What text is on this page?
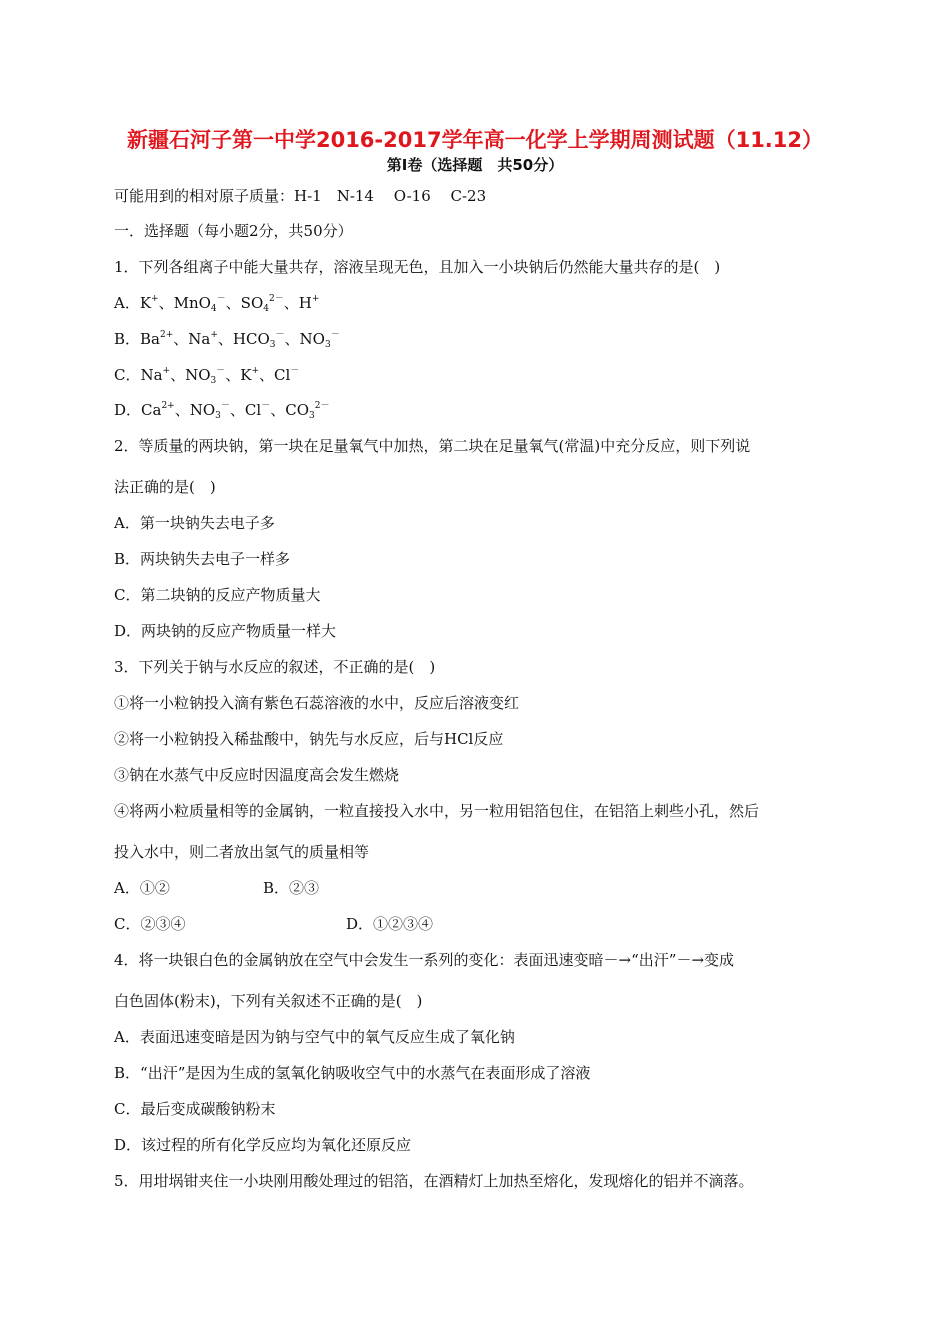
新疆石河子第一中学2016-2017学年高一化学上学期周测试题（11.12）
第Ⅰ卷（选择题　共50分）
可能用到的相对原子质量：H-1　N-14　 O-16　 C-23
一．选择题（每小题2分，共50分）
1．下列各组离子中能大量共存，溶液呈现无色，且加入一小块钠后仍然能大量共存的是(　)
A．K+、MnO$_4$－、$SO_4^{2-}$、H+
B．$Ba^{2+}$、Na+、$HCO_3^-$、$NO_3^-$
C．Na+、$NO_3^-$、K+、Cl－
D．$Ca^{2+}$、$NO_3^-$、Cl－、$CO_3^{2-}$
2．等质量的两块钠，第一块在足量氧气中加热，第二块在足量氧气(常温)中充分反应，则下列说
法正确的是(　)
A．第一块钠失去电子多
B．两块钠失去电子一样多
C．第二块钠的反应产物质量大
D．两块钠的反应产物质量一样大
3．下列关于钠与水反应的叙述，不正确的是(　)
①将一小粒钠投入滴有紫色石蕊溶液的水中，反应后溶液变红
②将一小粒钠投入稀盐酸中，钠先与水反应，后与HCl反应
③钠在水蒸气中反应时因温度高会发生燃烧
④将两小粒质量相等的金属钠，一粒直接投入水中，另一粒用铝箔包住，在铝箔上刺些小孔，然后
投入水中，则二者放出氢气的质量相等
A．①②	B．②③
C．②③④	D．①②③④
4．将一块银白色的金属钠放在空气中会发生一系列的变化：表面迅速变暗－→“出汗”－→变成
白色固体(粉末)，下列有关叙述不正确的是(　)
A．表面迅速变暗是因为钠与空气中的氧气反应生成了氧化钠
B．“出汗”是因为生成的氢氧化钠吸收空气中的水蒸气在表面形成了溶液
C．最后变成碳酸钠粉末
D．该过程的所有化学反应均为氧化还原反应
5．用坩埚钳夹住一小块刚用酸处理过的铝箔，在酒精灯上加热至熔化，发现熔化的铝并不滴落。
